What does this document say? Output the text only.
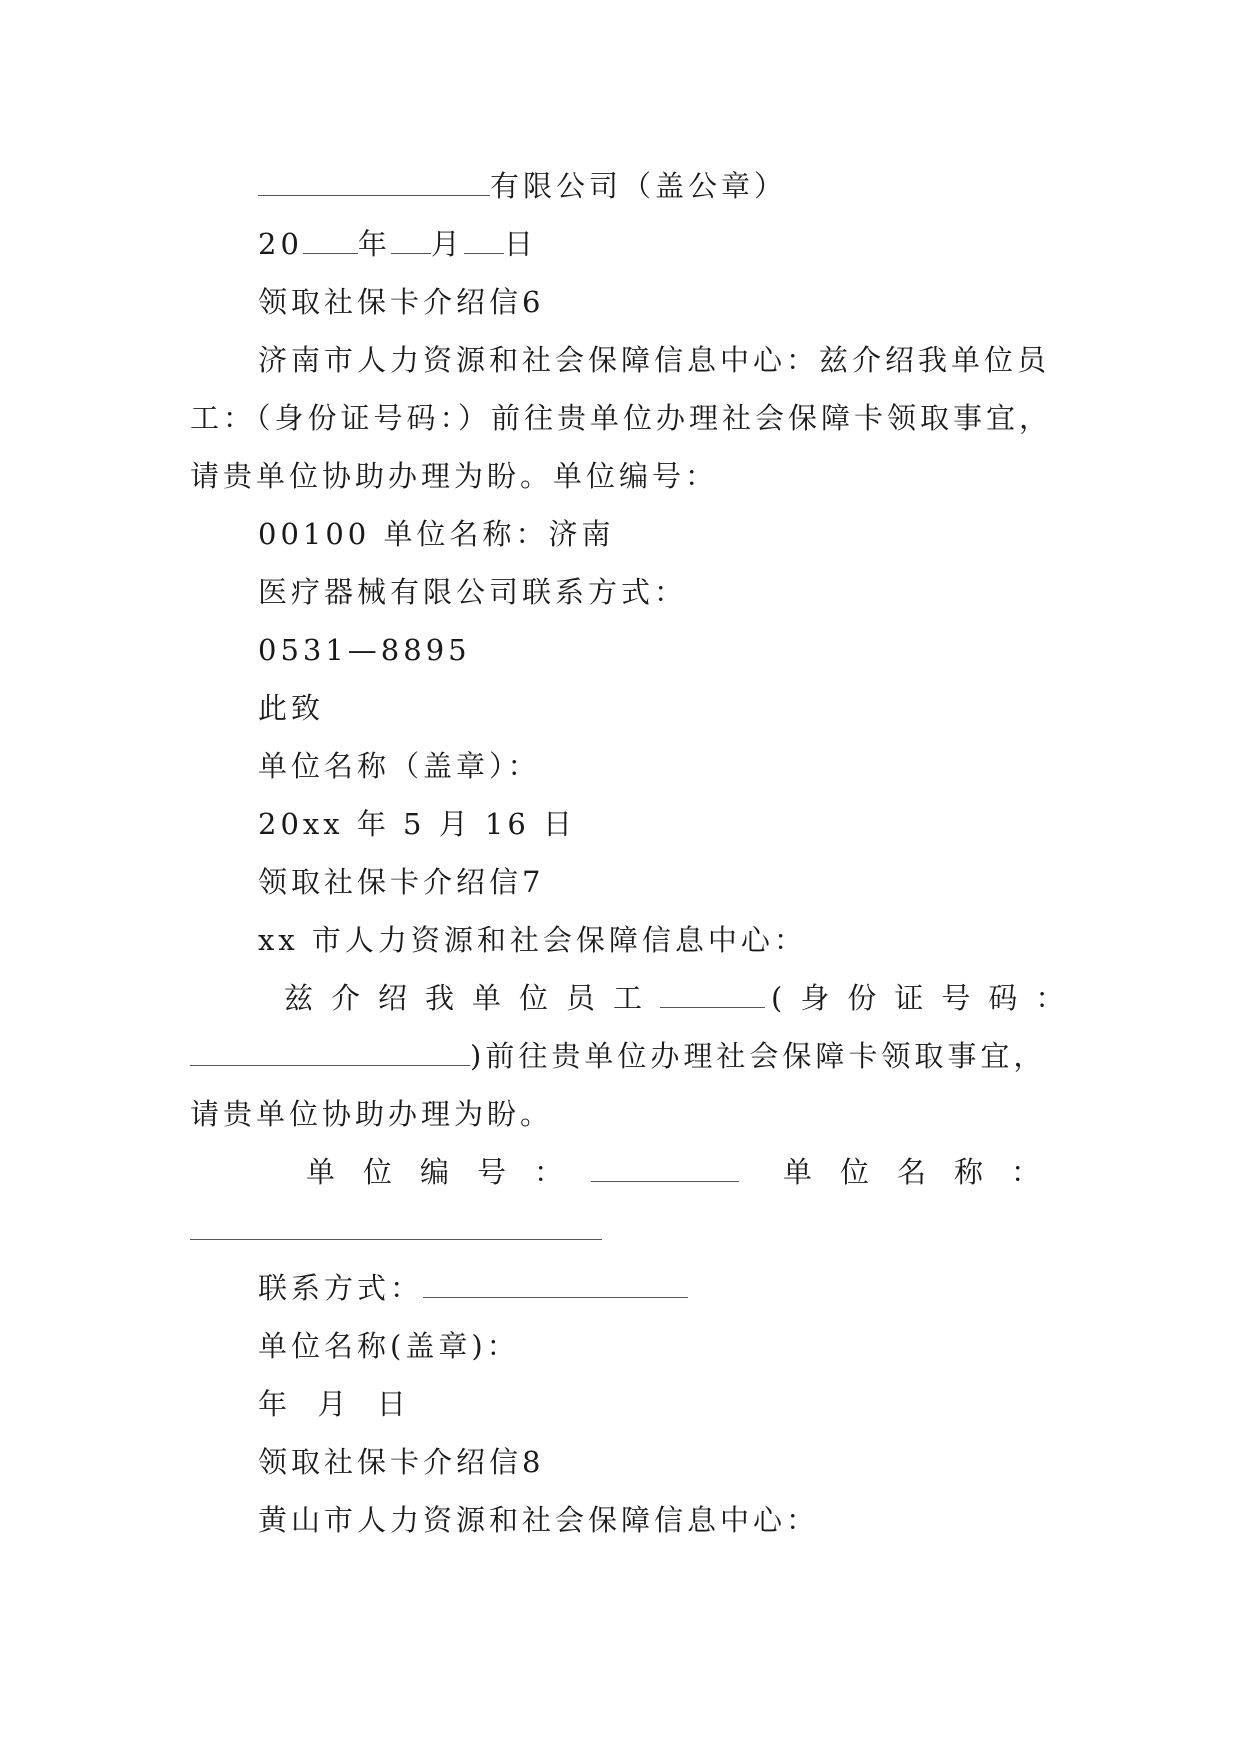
有限公司（盖公章）
20 年 月 日
领取社保卡介绍信6
济南市人力资源和社会保障信息中心：兹介绍我单位员
工：（身份证号码：）前往贵单位办理社会保障卡领取事宜，
请贵单位协助办理为盼。单位编号：
00100 单位名称：济南
医疗器械有限公司联系方式：
0531—8895
此致
单位名称（盖章）：
20xx 年 5 月 16 日
领取社保卡介绍信7
xx 市人力资源和社会保障信息中心：
兹介绍我单位员工	(身份证号码：
)前往贵单位办理社会保障卡领取事宜，
请贵单位协助办理为盼。
单位编号：	单位名称：
联系方式：
单位名称(盖章)：
年  月  日
领取社保卡介绍信8
黄山市人力资源和社会保障信息中心：
